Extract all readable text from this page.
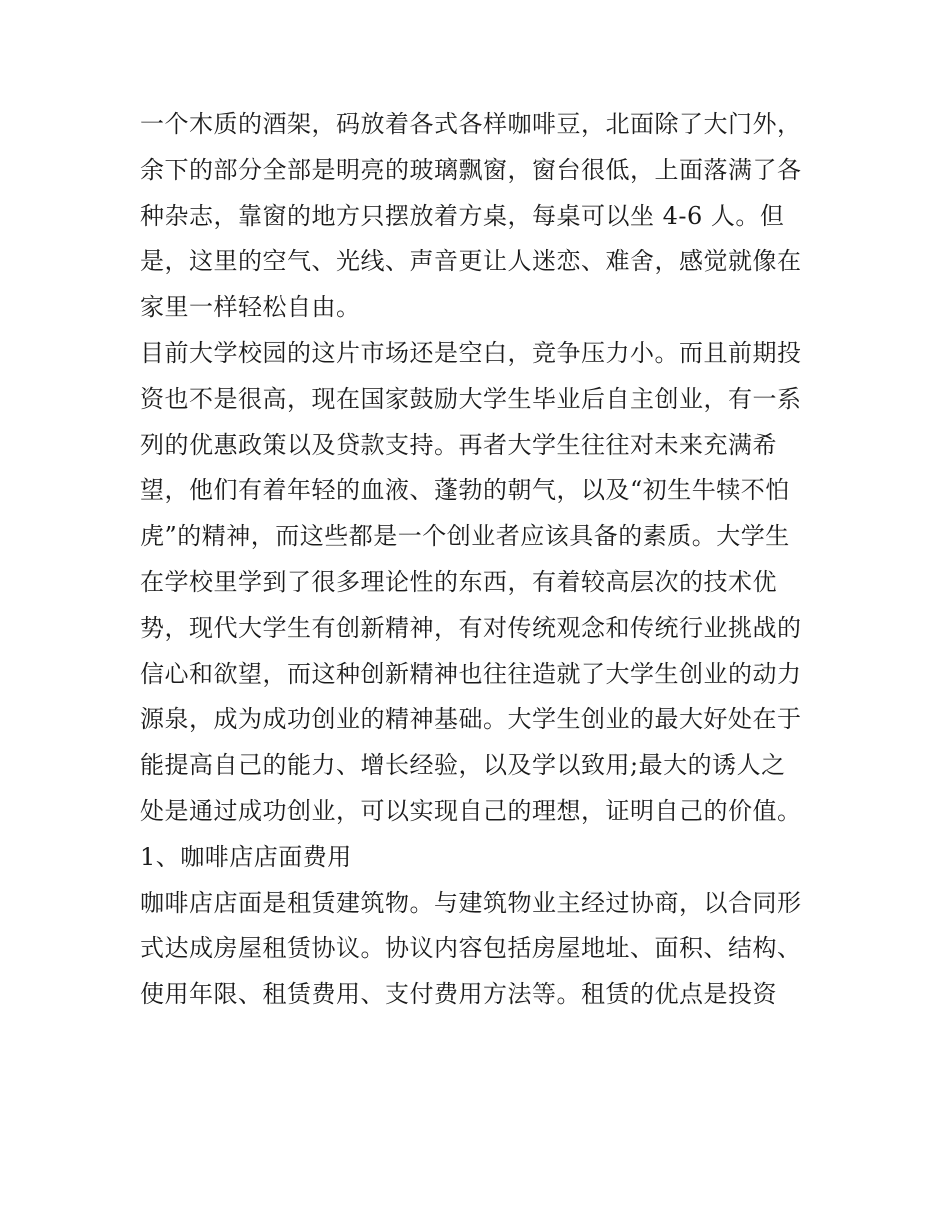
一个木质的酒架，码放着各式各样咖啡豆，北面除了大门外，
余下的部分全部是明亮的玻璃飘窗，窗台很低，上面落满了各
种杂志，靠窗的地方只摆放着方桌，每桌可以坐 4-6 人。但
是，这里的空气、光线、声音更让人迷恋、难舍，感觉就像在
家里一样轻松自由。
目前大学校园的这片市场还是空白，竞争压力小。而且前期投
资也不是很高，现在国家鼓励大学生毕业后自主创业，有一系
列的优惠政策以及贷款支持。再者大学生往往对未来充满希
望，他们有着年轻的血液、蓬勃的朝气，以及“初生牛犊不怕
虎”的精神，而这些都是一个创业者应该具备的素质。大学生
在学校里学到了很多理论性的东西，有着较高层次的技术优
势，现代大学生有创新精神，有对传统观念和传统行业挑战的
信心和欲望，而这种创新精神也往往造就了大学生创业的动力
源泉，成为成功创业的精神基础。大学生创业的最大好处在于
能提高自己的能力、增长经验，以及学以致用;最大的诱人之
处是通过成功创业，可以实现自己的理想，证明自己的价值。
1、咖啡店店面费用
咖啡店店面是租赁建筑物。与建筑物业主经过协商，以合同形
式达成房屋租赁协议。协议内容包括房屋地址、面积、结构、
使用年限、租赁费用、支付费用方法等。租赁的优点是投资
